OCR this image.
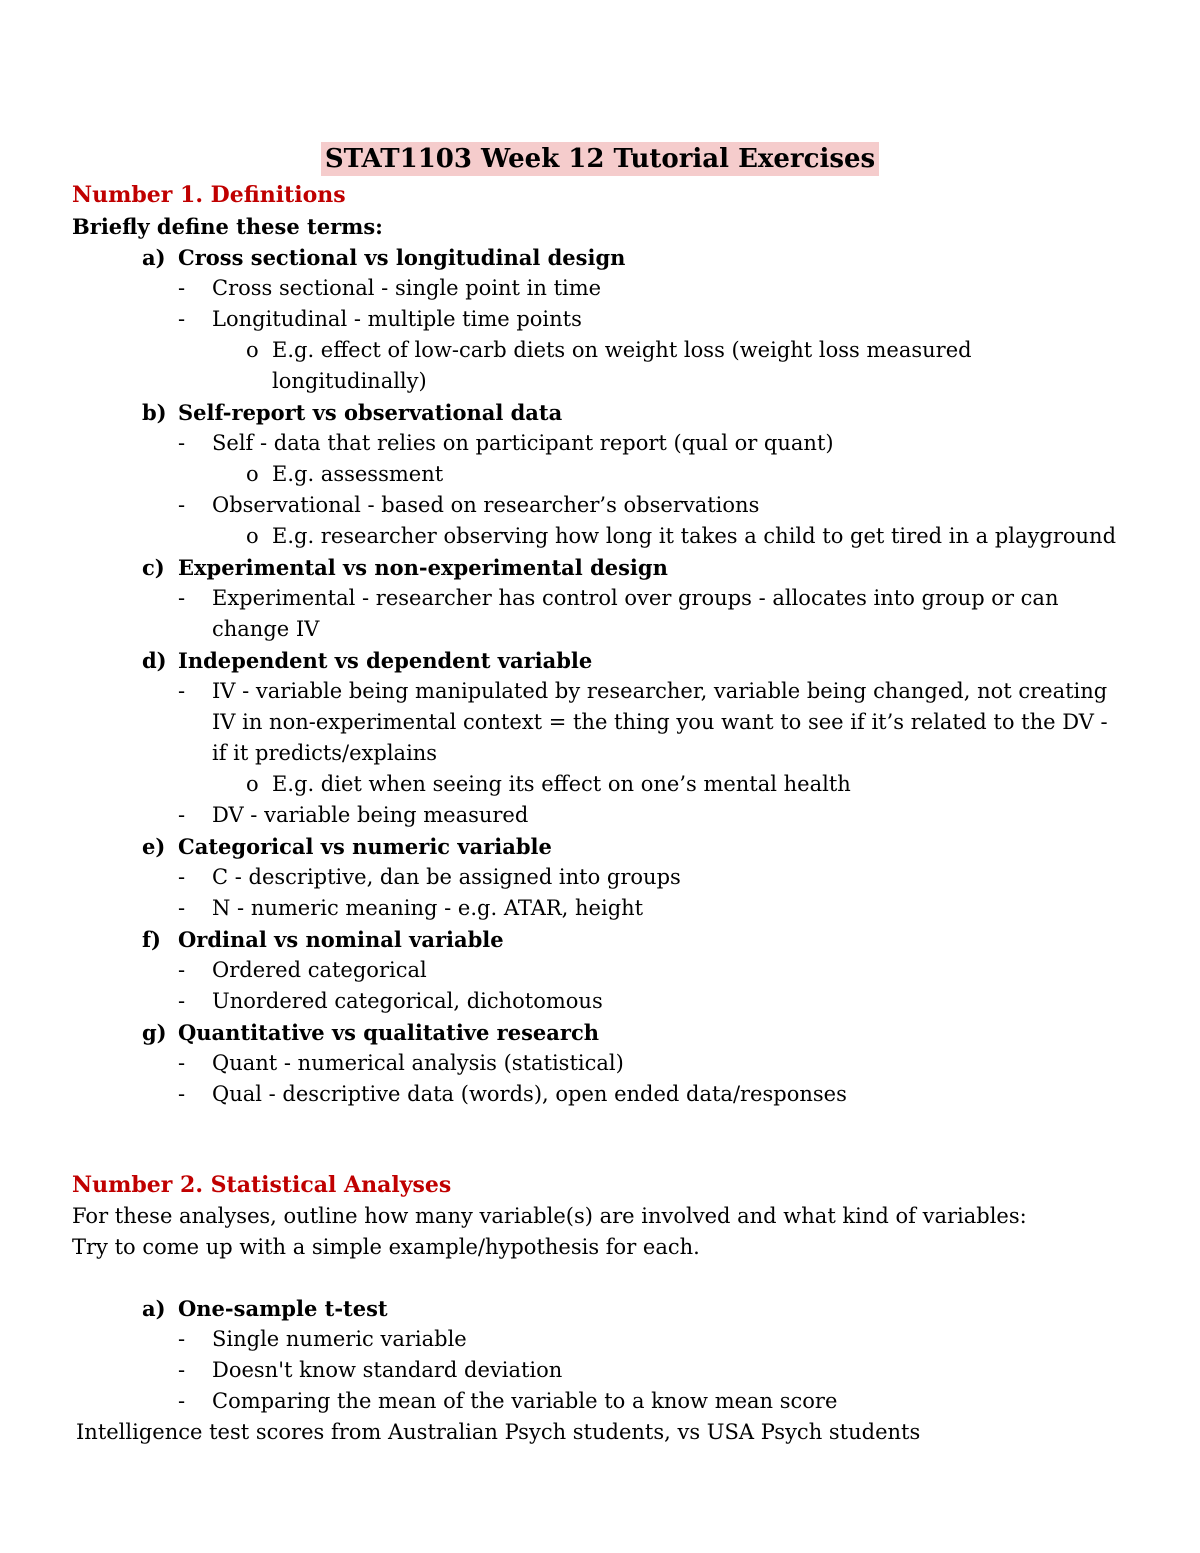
STAT1103 Week 12 Tutorial Exercises
Number 1. Definitions
Briefly define these terms:
a) Cross sectional vs longitudinal design
- Cross sectional - single point in time
- Longitudinal - multiple time points
o E.g. effect of low-carb diets on weight loss (weight loss measured longitudinally)
b) Self-report vs observational data
- Self - data that relies on participant report (qual or quant)
o E.g. assessment
- Observational - based on researcher’s observations
o E.g. researcher observing how long it takes a child to get tired in a playground
c) Experimental vs non-experimental design
- Experimental - researcher has control over groups - allocates into group or can change IV
d) Independent vs dependent variable
- IV - variable being manipulated by researcher, variable being changed, not creating IV in non-experimental context = the thing you want to see if it’s related to the DV - if it predicts/explains
o E.g. diet when seeing its effect on one’s mental health
- DV - variable being measured
e) Categorical vs numeric variable
- C - descriptive, dan be assigned into groups
- N - numeric meaning - e.g. ATAR, height
f) Ordinal vs nominal variable
- Ordered categorical
- Unordered categorical, dichotomous
g) Quantitative vs qualitative research
- Quant - numerical analysis (statistical)
- Qual - descriptive data (words), open ended data/responses
Number 2. Statistical Analyses
For these analyses, outline how many variable(s) are involved and what kind of variables:
Try to come up with a simple example/hypothesis for each.
a) One-sample t-test
- Single numeric variable
- Doesn't know standard deviation
- Comparing the mean of the variable to a know mean score
Intelligence test scores from Australian Psych students, vs USA Psych students
